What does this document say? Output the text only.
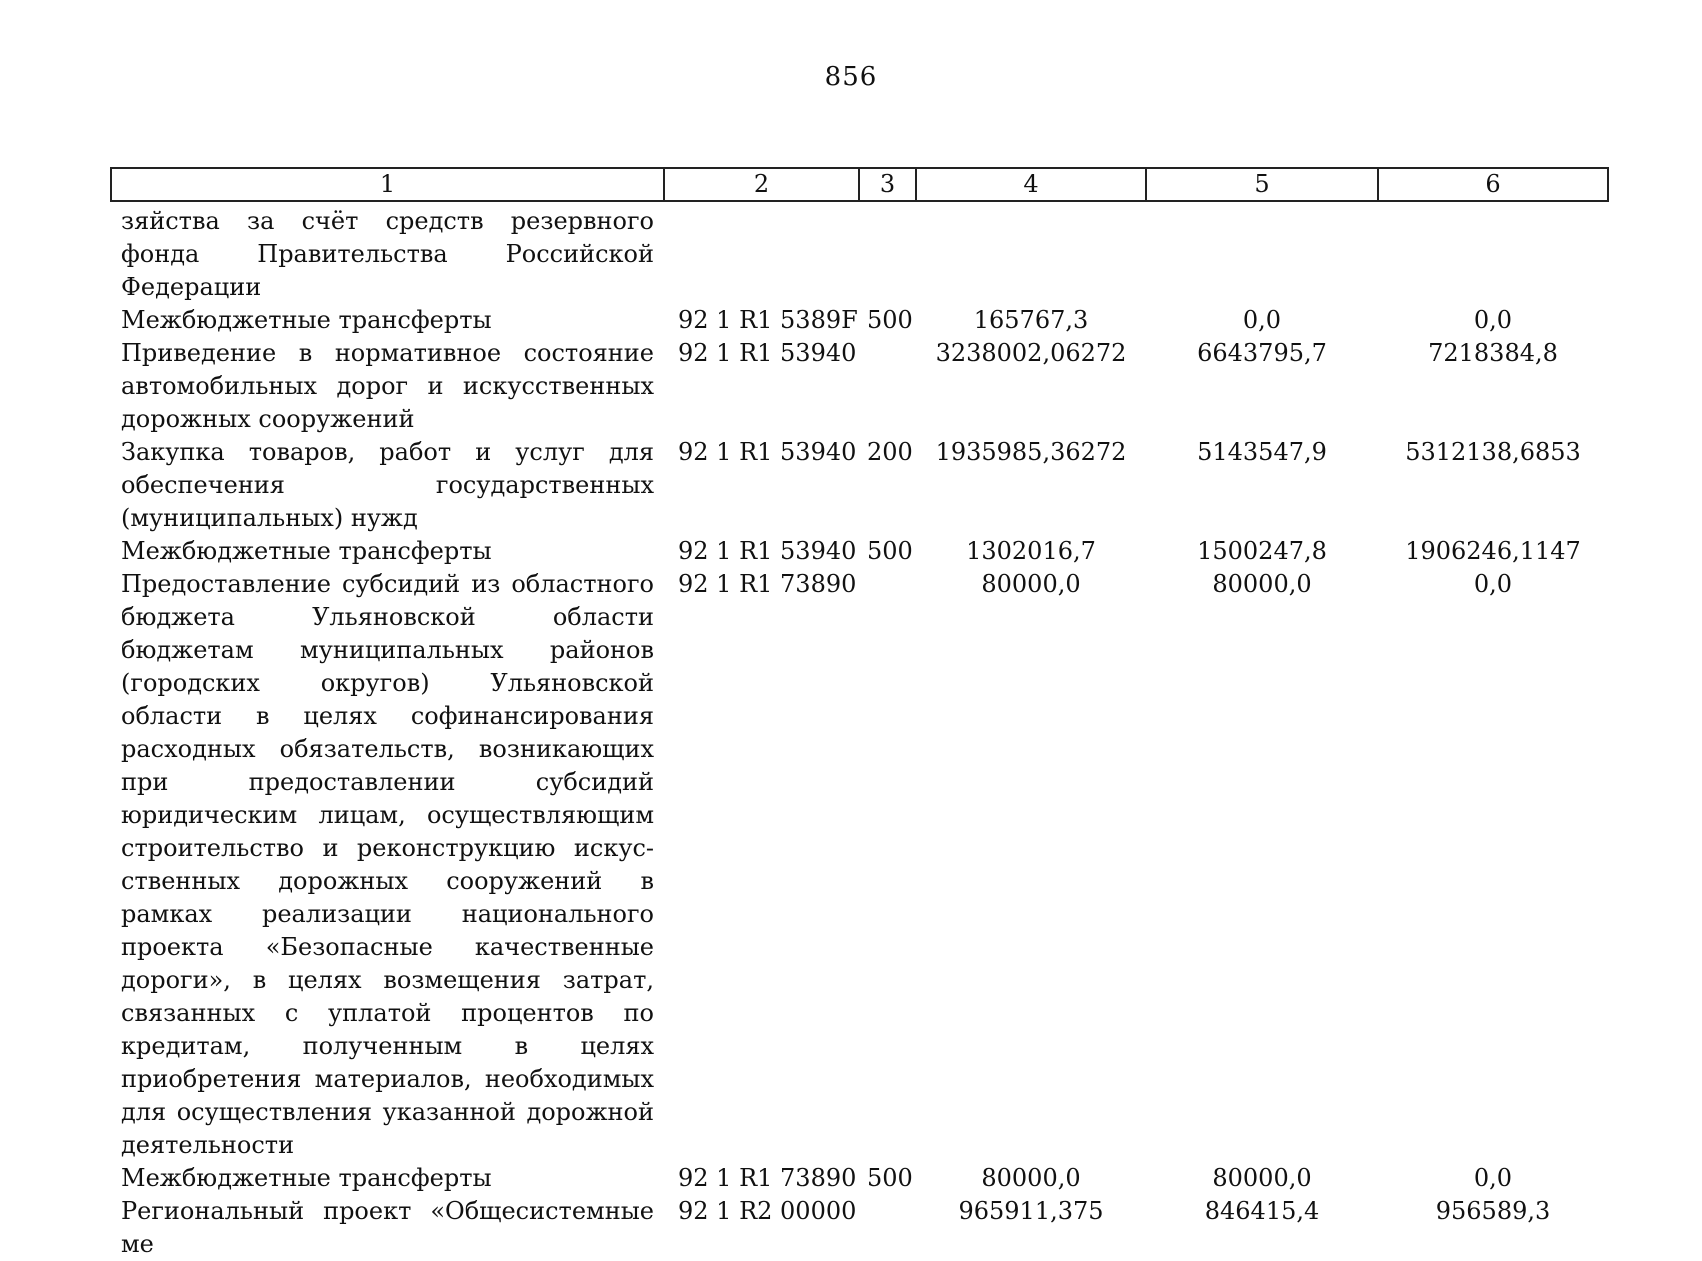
856
1	2	3	4	5	6

зяйства за счёт средств резервного фонда Правительства Российской Федерации					
Межбюджетные трансферты	92 1 R1 5389F	500	165767,3	0,0	0,0
Приведение в нормативное состояние автомобильных дорог и искусственных дорожных сооружений	92 1 R1 53940		3238002,06272	6643795,7	7218384,8
Закупка товаров, работ и услуг для обеспечения государственных (муниципальных) нужд	92 1 R1 53940	200	1935985,36272	5143547,9	5312138,6853
Межбюджетные трансферты	92 1 R1 53940	500	1302016,7	1500247,8	1906246,1147
Предоставление субсидий из областного бюджета Ульяновской области бюджетам муниципальных районов (городских округов) Ульяновской области в целях софинансирования расходных обязательств, возникающих при предоставлении субсидий юридическим лицам, осуществляющим строительство и реконструкцию искусственных дорожных сооружений в рамках реализации национального проекта «Безопасные качественные дороги», в целях возмещения затрат, связанных с уплатой процентов по кредитам, полученным в целях приобретения материалов, необходимых для осуществления указанной дорожной деятельности	92 1 R1 73890		80000,0	80000,0	0,0
Межбюджетные трансферты	92 1 R1 73890	500	80000,0	80000,0	0,0
Региональный проект «Общесистемные ме	92 1 R2 00000		965911,375	846415,4	956589,3
